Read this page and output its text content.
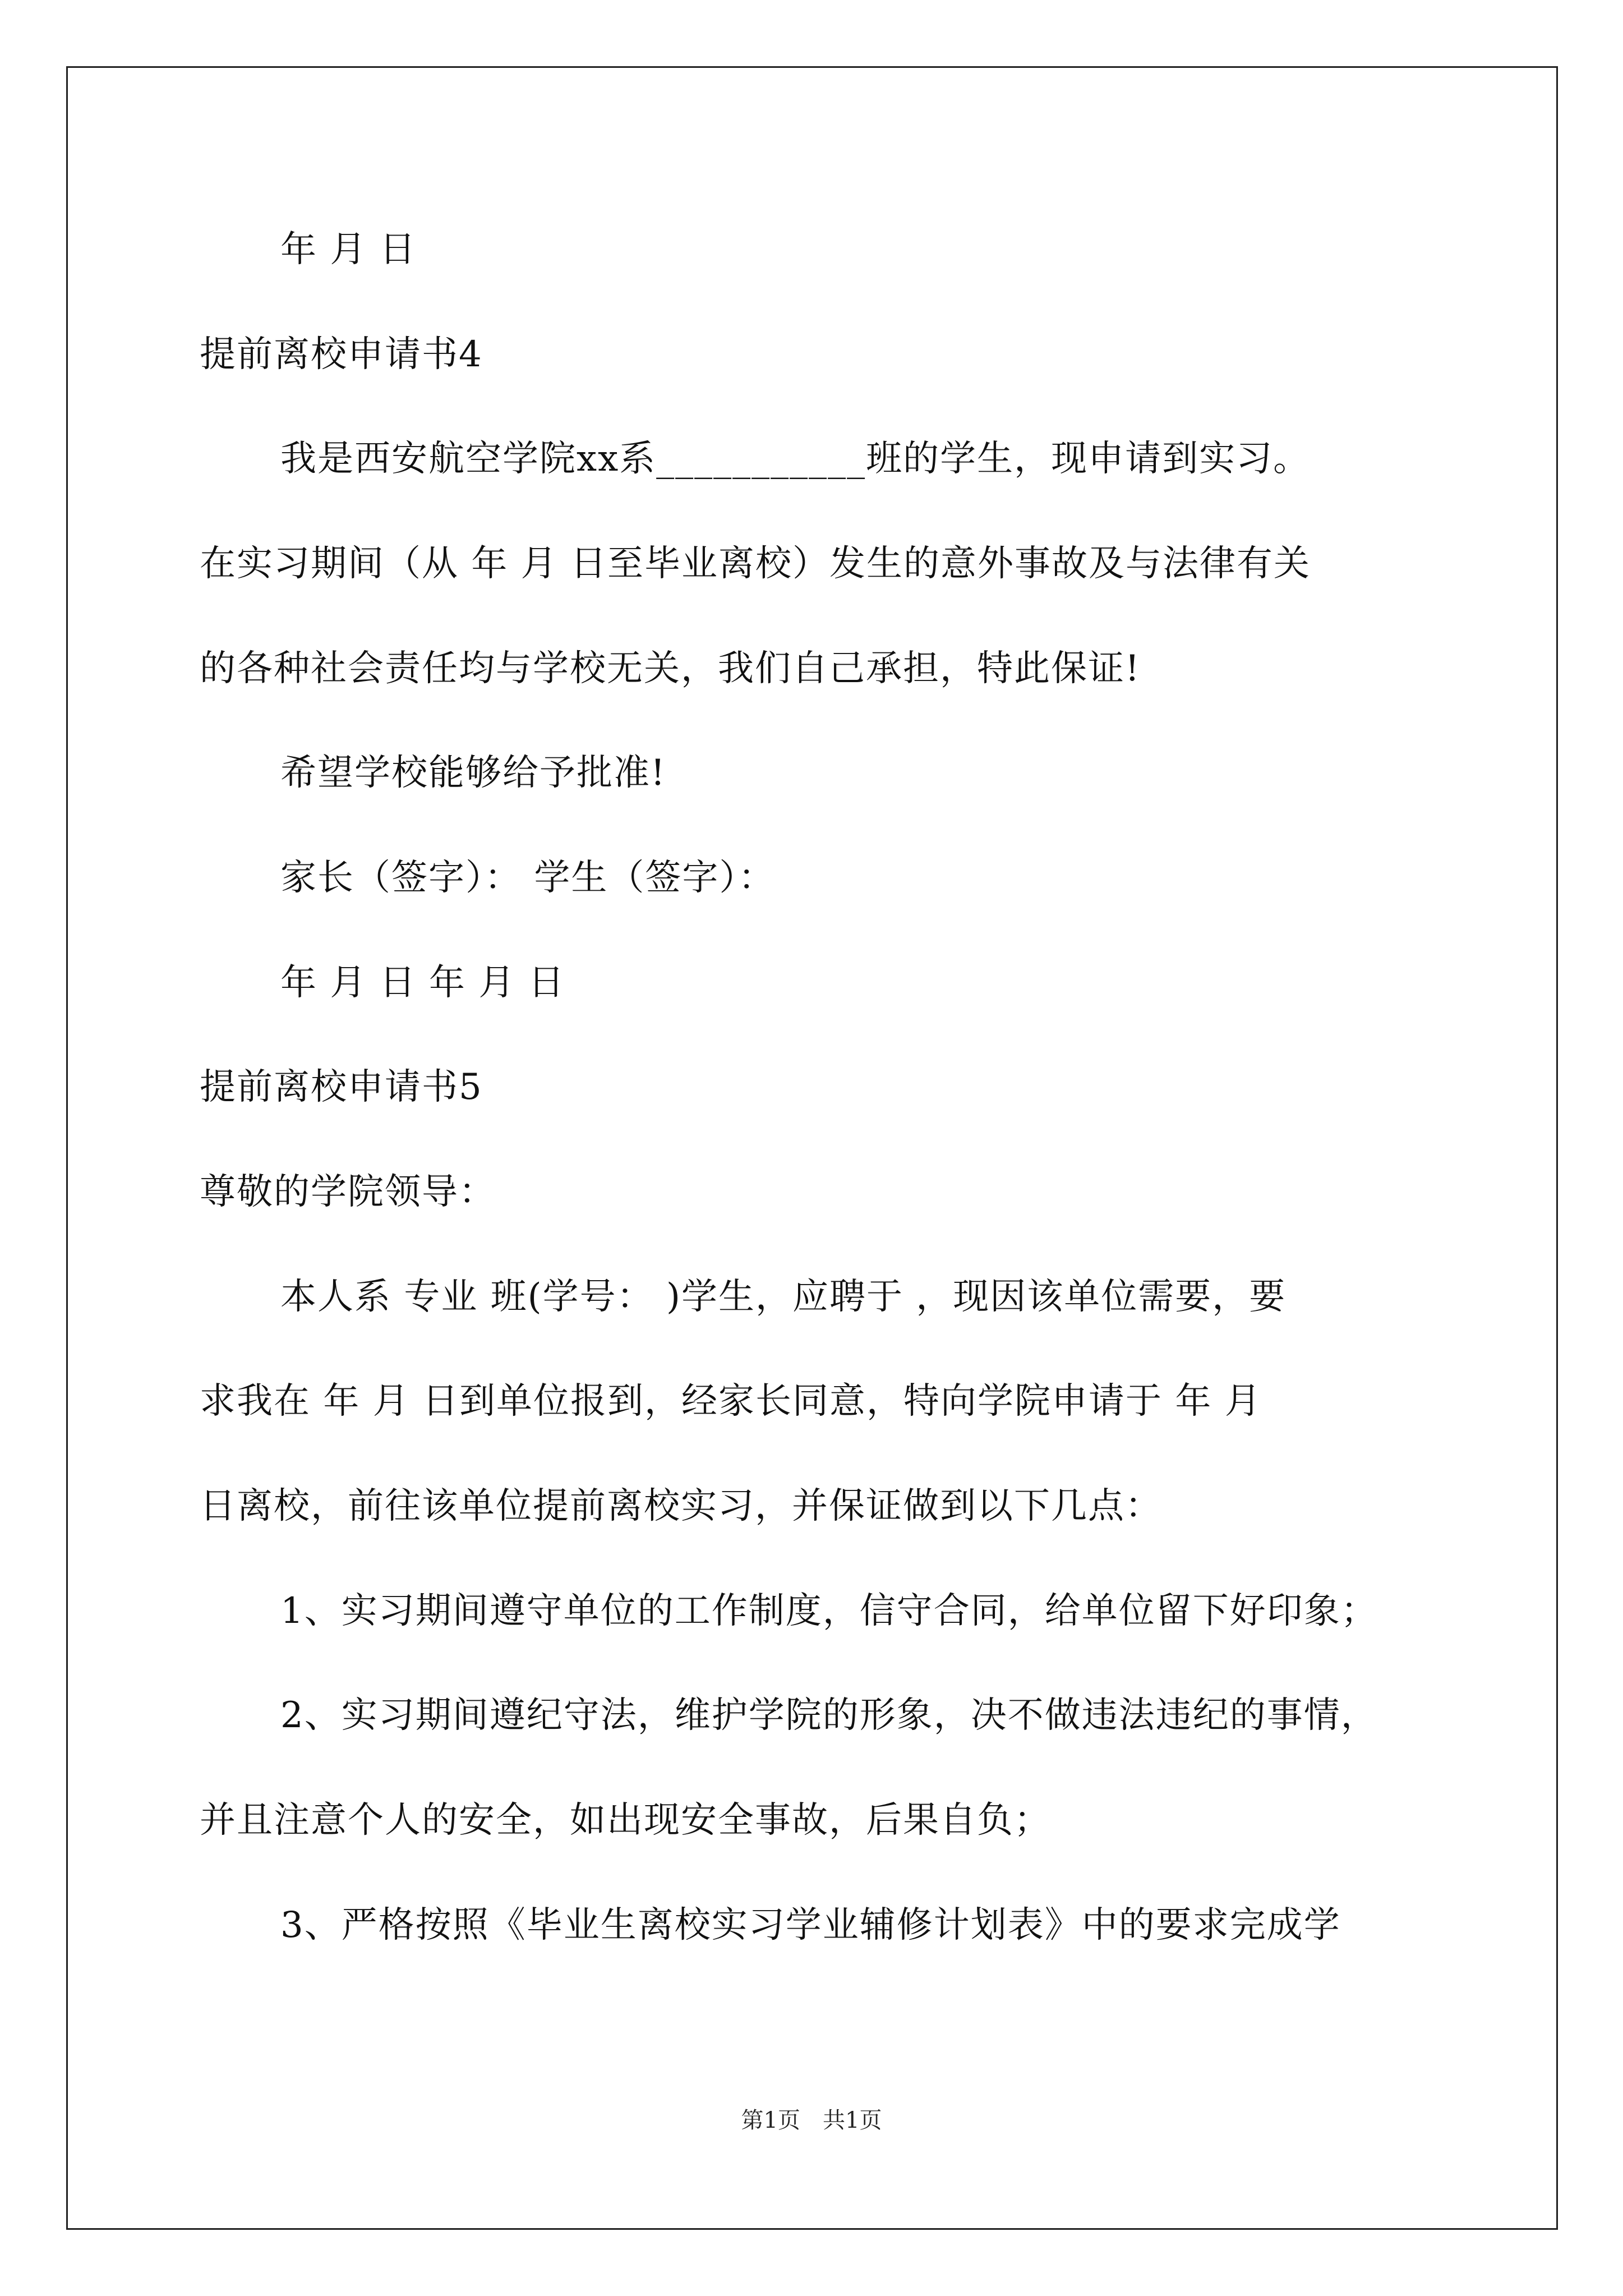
年 月 日
提前离校申请书4
我是西安航空学院xx系___________班的学生，现申请到实习。
在实习期间（从 年 月 日至毕业离校）发生的意外事故及与法律有关
的各种社会责任均与学校无关，我们自己承担，特此保证!
希望学校能够给予批准!
家长（签字）： 学生（签字）：
年 月 日 年 月 日
提前离校申请书5
尊敬的学院领导：
本人系 专业 班(学号： )学生，应聘于 ，现因该单位需要，要
求我在 年 月 日到单位报到，经家长同意，特向学院申请于 年 月
日离校，前往该单位提前离校实习，并保证做到以下几点：
1、实习期间遵守单位的工作制度，信守合同，给单位留下好印象；
2、实习期间遵纪守法，维护学院的形象，决不做违法违纪的事情，
并且注意个人的安全，如出现安全事故，后果自负；
3、严格按照《毕业生离校实习学业辅修计划表》中的要求完成学
第1页　共1页
